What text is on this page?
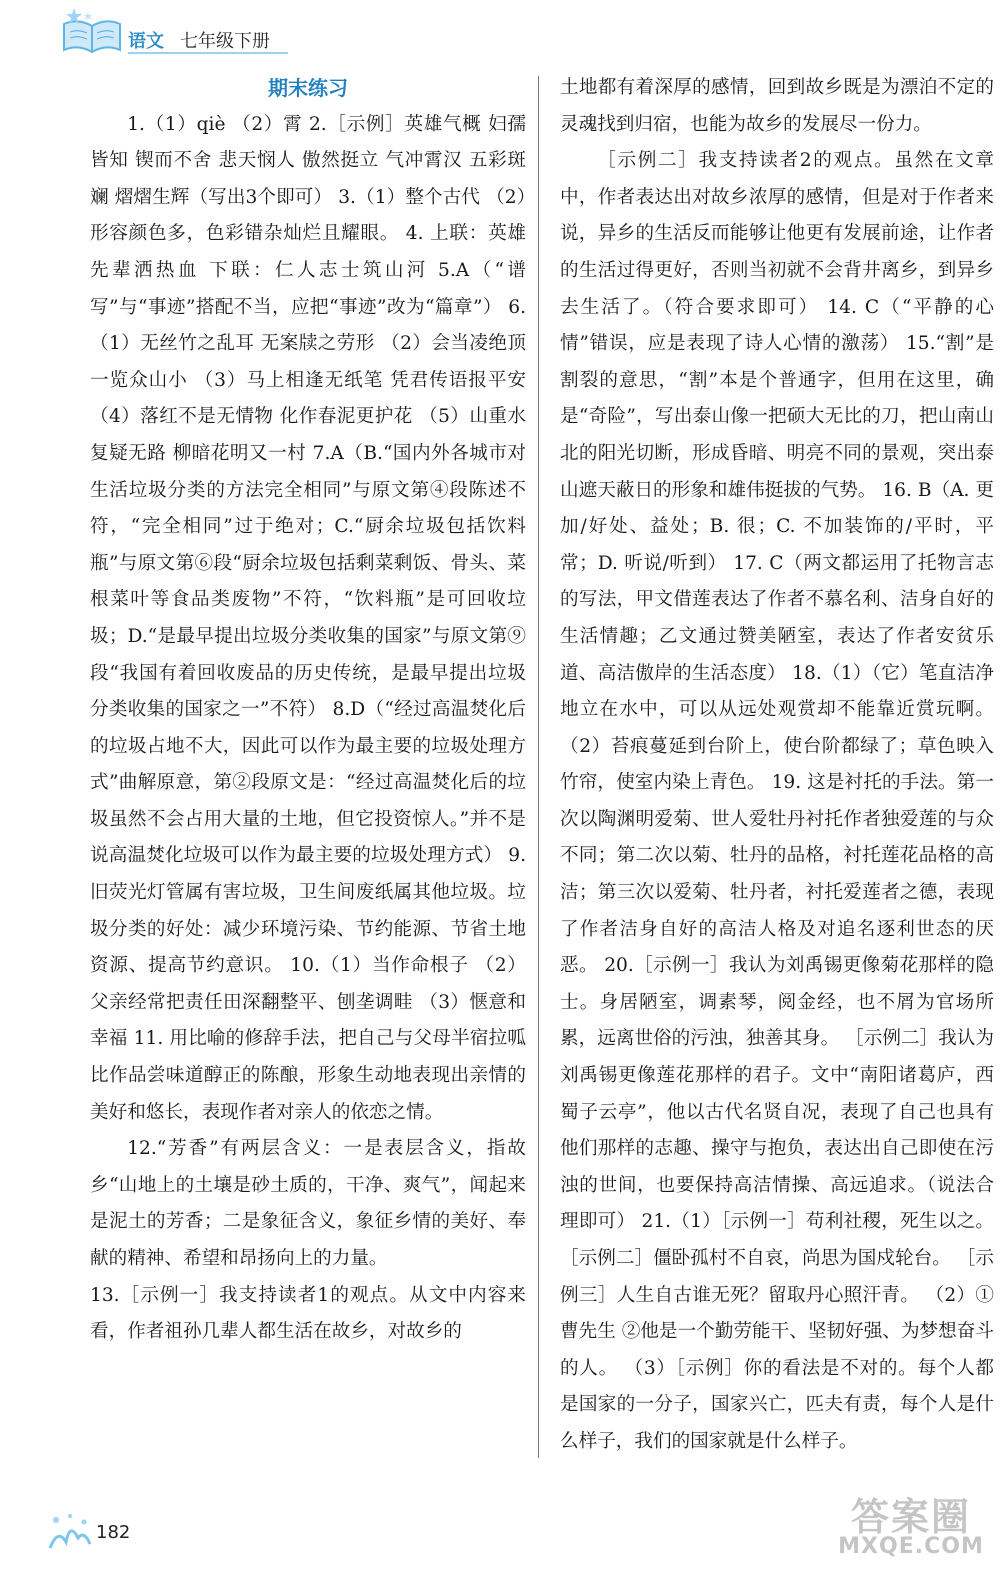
语文 七年级下册

期末练习

1.（1）qiè （2）霄 2.［示例］英雄气概 妇孺皆知 锲而不舍 悲天悯人 傲然挺立 气冲霄汉 五彩斑斓 熠熠生辉（写出3个即可） 3.（1）整个古代 （2）形容颜色多，色彩错杂灿烂且耀眼。 4. 上联：英雄先辈洒热血 下联：仁人志士筑山河 5.A（“谱写”与“事迹”搭配不当，应把“事迹”改为“篇章”） 6.（1）无丝竹之乱耳 无案牍之劳形 （2）会当凌绝顶 一览众山小 （3）马上相逢无纸笔 凭君传语报平安 （4）落红不是无情物 化作春泥更护花 （5）山重水复疑无路 柳暗花明又一村 7.A（B.“国内外各城市对生活垃圾分类的方法完全相同”与原文第④段陈述不符，“完全相同”过于绝对；C.“厨余垃圾包括饮料瓶”与原文第⑥段“厨余垃圾包括剩菜剩饭、骨头、菜根菜叶等食品类废物”不符，“饮料瓶”是可回收垃圾；D.“是最早提出垃圾分类收集的国家”与原文第⑨段“我国有着回收废品的历史传统，是最早提出垃圾分类收集的国家之一”不符） 8.D（“经过高温焚化后的垃圾占地不大，因此可以作为最主要的垃圾处理方式”曲解原意，第②段原文是：“经过高温焚化后的垃圾虽然不会占用大量的土地，但它投资惊人。”并不是说高温焚化垃圾可以作为最主要的垃圾处理方式） 9. 旧荧光灯管属有害垃圾，卫生间废纸属其他垃圾。垃圾分类的好处：减少环境污染、节约能源、节省土地资源、提高节约意识。 10.（1）当作命根子 （2）父亲经常把责任田深翻整平、刨垄调畦 （3）惬意和幸福 11. 用比喻的修辞手法，把自己与父母半宿拉呱比作品尝味道醇正的陈酿，形象生动地表现出亲情的美好和悠长，表现作者对亲人的依恋之情。

12.“芳香”有两层含义：一是表层含义，指故乡“山地上的土壤是砂土质的，干净、爽气”，闻起来是泥土的芳香；二是象征含义，象征乡情的美好、奉献的精神、希望和昂扬向上的力量。

13.［示例一］我支持读者1的观点。从文中内容来看，作者祖孙几辈人都生活在故乡，对故乡的

土地都有着深厚的感情，回到故乡既是为漂泊不定的灵魂找到归宿，也能为故乡的发展尽一份力。

［示例二］我支持读者2的观点。虽然在文章中，作者表达出对故乡浓厚的感情，但是对于作者来说，异乡的生活反而能够让他更有发展前途，让作者的生活过得更好，否则当初就不会背井离乡，到异乡去生活了。（符合要求即可） 14. C（“平静的心情”错误，应是表现了诗人心情的激荡） 15.“割”是割裂的意思，“割”本是个普通字，但用在这里，确是“奇险”，写出泰山像一把硕大无比的刀，把山南山北的阳光切断，形成昏暗、明亮不同的景观，突出泰山遮天蔽日的形象和雄伟挺拔的气势。 16. B（A. 更加/好处、益处；B. 很；C. 不加装饰的/平时，平常；D. 听说/听到） 17. C（两文都运用了托物言志的写法，甲文借莲表达了作者不慕名利、洁身自好的生活情趣；乙文通过赞美陋室，表达了作者安贫乐道、高洁傲岸的生活态度） 18.（1）（它）笔直洁净地立在水中，可以从远处观赏却不能靠近赏玩啊。（2）苔痕蔓延到台阶上，使台阶都绿了；草色映入竹帘，使室内染上青色。 19. 这是衬托的手法。第一次以陶渊明爱菊、世人爱牡丹衬托作者独爱莲的与众不同；第二次以菊、牡丹的品格，衬托莲花品格的高洁；第三次以爱菊、牡丹者，衬托爱莲者之德，表现了作者洁身自好的高洁人格及对追名逐利世态的厌恶。 20.［示例一］我认为刘禹锡更像菊花那样的隐士。身居陋室，调素琴，阅金经，也不屑为官场所累，远离世俗的污浊，独善其身。 ［示例二］我认为刘禹锡更像莲花那样的君子。文中“南阳诸葛庐，西蜀子云亭”，他以古代名贤自况，表现了自己也具有他们那样的志趣、操守与抱负，表达出自己即使在污浊的世间，也要保持高洁情操、高远追求。（说法合理即可） 21.（1）［示例一］苟利社稷，死生以之。 ［示例二］僵卧孤村不自哀，尚思为国戍轮台。 ［示例三］人生自古谁无死？留取丹心照汗青。 （2）①曹先生 ②他是一个勤劳能干、坚韧好强、为梦想奋斗的人。 （3）［示例］你的看法是不对的。每个人都是国家的一分子，国家兴亡，匹夫有责，每个人是什么样子，我们的国家就是什么样子。

182	答案圈
MXQE.COM
